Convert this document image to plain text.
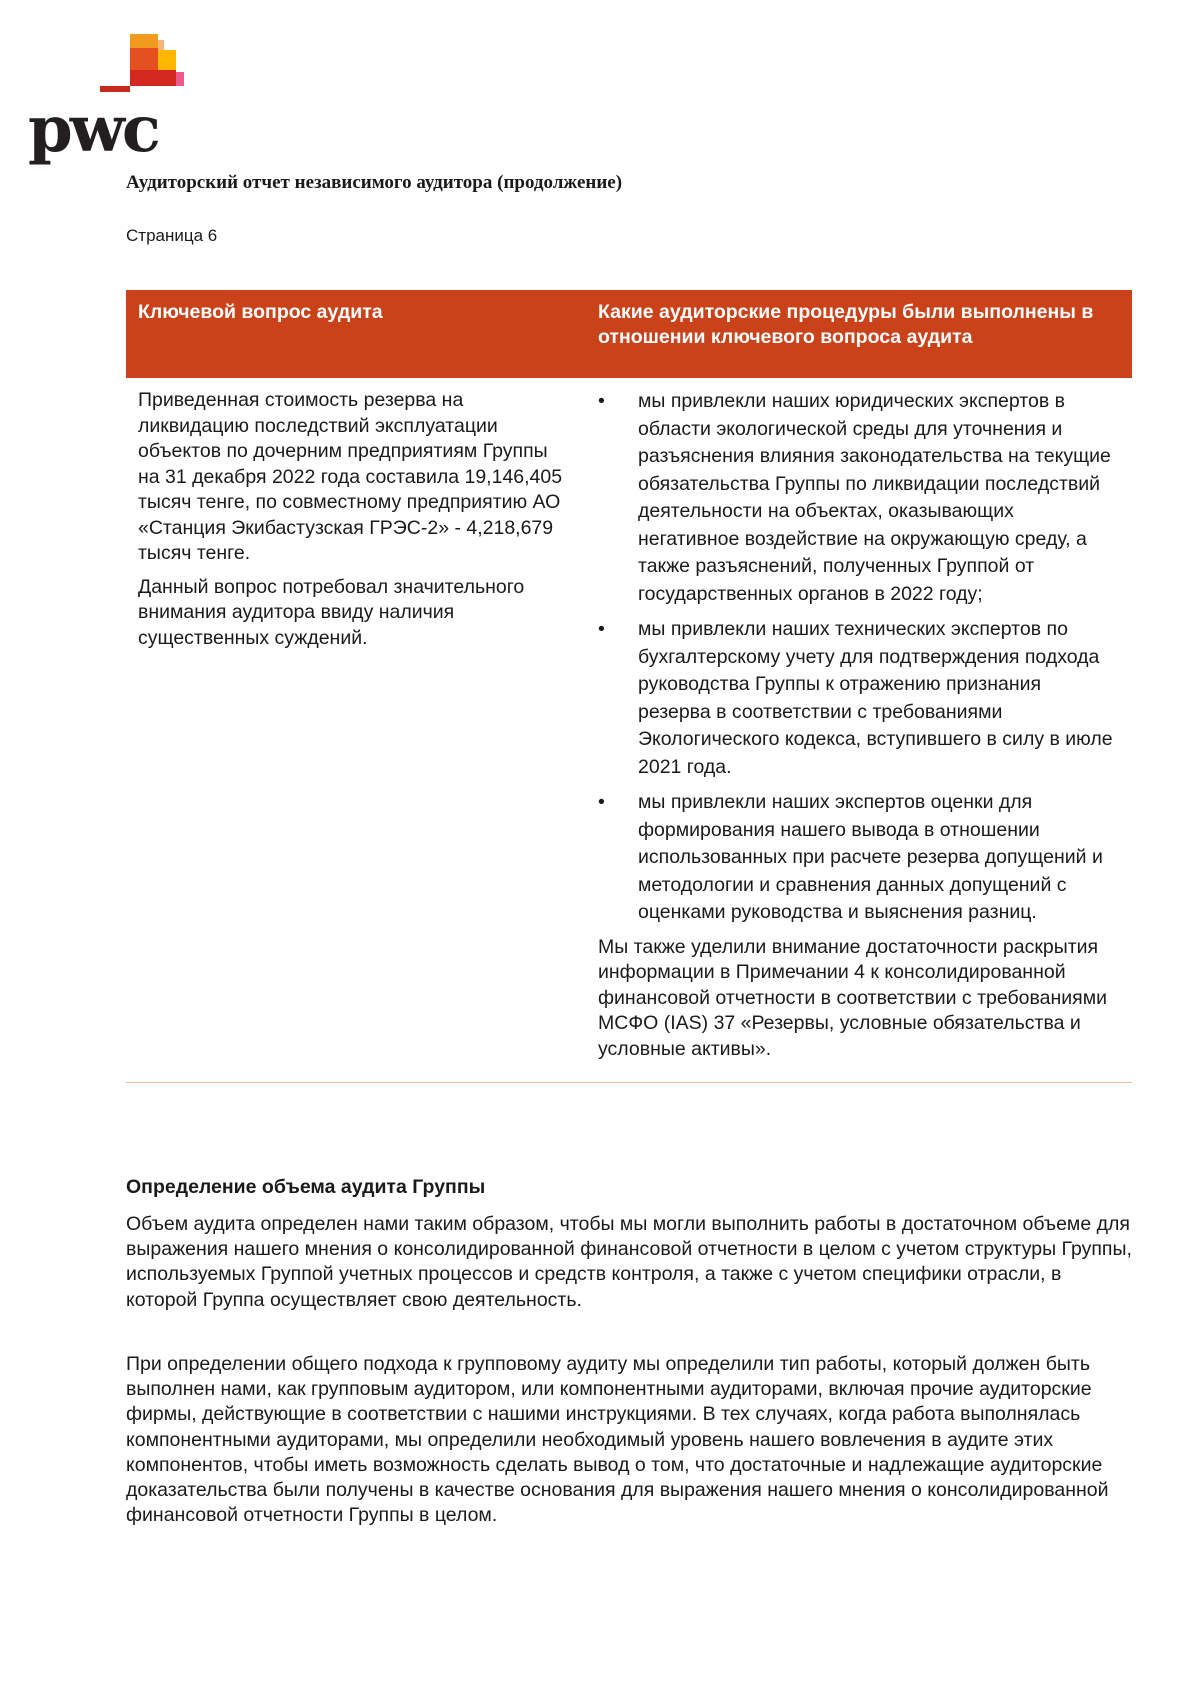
pwc
Аудиторский отчет независимого аудитора (продолжение)
Страница 6
Ключевой вопрос аудита	Какие аудиторские процедуры были выполнены в отношении ключевого вопроса аудита

Приведенная стоимость резерва на ликвидацию последствий эксплуатации объектов по дочерним предприятиям Группы на 31 декабря 2022 года составила 19,146,405 тысяч тенге, по совместному предприятию АО «Станция Экибастузская ГРЭС-2» - 4,218,679 тысяч тенге.

Данный вопрос потребовал значительного внимания аудитора ввиду наличия существенных суждений.

• мы привлекли наших юридических экспертов в области экологической среды для уточнения и разъяснения влияния законодательства на текущие обязательства Группы по ликвидации последствий деятельности на объектах, оказывающих негативное воздействие на окружающую среду, а также разъяснений, полученных Группой от государственных органов в 2022 году;
• мы привлекли наших технических экспертов по бухгалтерскому учету для подтверждения подхода руководства Группы к отражению признания резерва в соответствии с требованиями Экологического кодекса, вступившего в силу в июле 2021 года.
• мы привлекли наших экспертов оценки для формирования нашего вывода в отношении использованных при расчете резерва допущений и методологии и сравнения данных допущений с оценками руководства и выяснения разниц.

Мы также уделили внимание достаточности раскрытия информации в Примечании 4 к консолидированной финансовой отчетности в соответствии с требованиями МСФО (IAS) 37 «Резервы, условные обязательства и условные активы».

Определение объема аудита Группы

Объем аудита определен нами таким образом, чтобы мы могли выполнить работы в достаточном объеме для выражения нашего мнения о консолидированной финансовой отчетности в целом с учетом структуры Группы, используемых Группой учетных процессов и средств контроля, а также с учетом специфики отрасли, в которой Группа осуществляет свою деятельность.

При определении общего подхода к групповому аудиту мы определили тип работы, который должен быть выполнен нами, как групповым аудитором, или компонентными аудиторами, включая прочие аудиторские фирмы, действующие в соответствии с нашими инструкциями. В тех случаях, когда работа выполнялась компонентными аудиторами, мы определили необходимый уровень нашего вовлечения в аудите этих компонентов, чтобы иметь возможность сделать вывод о том, что достаточные и надлежащие аудиторские доказательства были получены в качестве основания для выражения нашего мнения о консолидированной финансовой отчетности Группы в целом.
